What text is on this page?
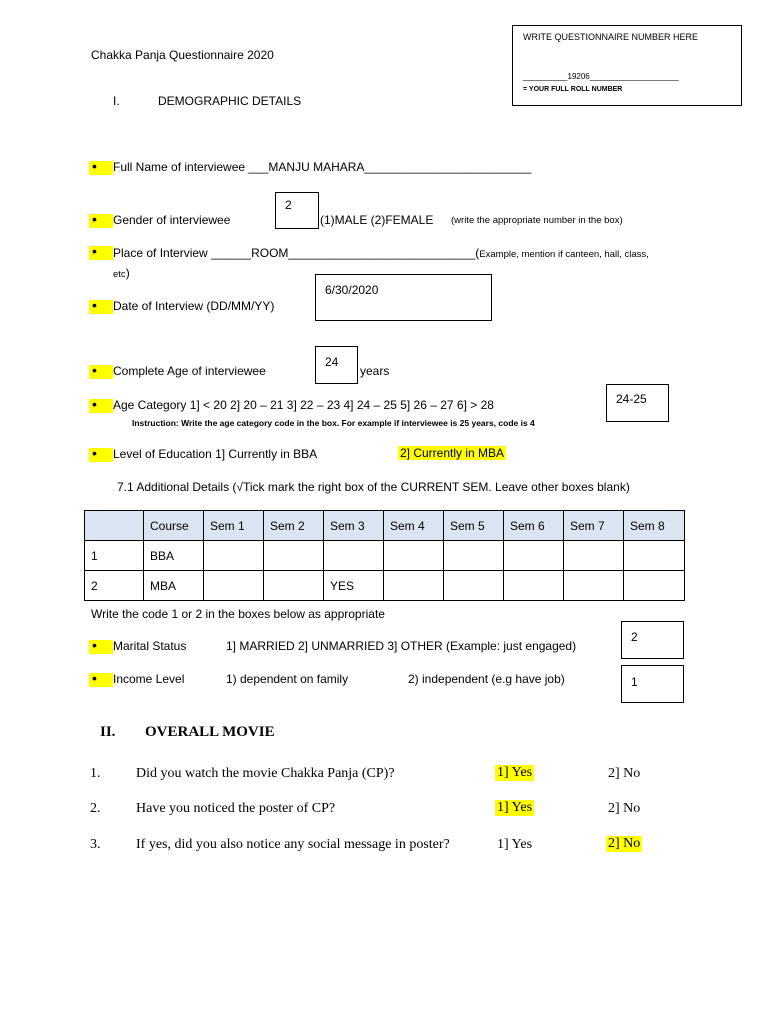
Chakka Panja Questionnaire 2020
WRITE QUESTIONNAIRE NUMBER HERE
__________19206____________________
= YOUR FULL ROLL NUMBER
I.	DEMOGRAPHIC DETAILS
•
Full Name of interviewee ___MANJU MAHARA_________________________
2
•
Gender of interviewee	(1)MALE (2)FEMALE (write the appropriate number in the box)
•
Place of Interview ______ROOM____________________________(Example, mention if canteen, hall, class,
etc)
6/30/2020
•
Date of Interview (DD/MM/YY)
24
•
Complete Age of interviewee	years
24-25
•
Age Category 1] < 20 2] 20 – 21 3] 22 – 23 4] 24 – 25 5] 26 – 27 6] > 28
Instruction: Write the age category code in the box. For example if interviewee is 25 years, code is 4
•
Level of Education 1] Currently in BBA	2] Currently in MBA
7.1 Additional Details (√Tick mark the right box of the CURRENT SEM. Leave other boxes blank)
	Course	Sem 1	Sem 2	Sem 3	Sem 4	Sem 5	Sem 6	Sem 7	Sem 8
1	BBA								
2	MBA			YES					
Write the code 1 or 2 in the boxes below as appropriate
2
•
Marital Status	1] MARRIED 2] UNMARRIED 3] OTHER (Example: just engaged)
1
•
Income Level	1) dependent on family	2) independent (e.g have job)
II. OVERALL MOVIE
1.	Did you watch the movie Chakka Panja (CP)?	1] Yes	2] No
2.	Have you noticed the poster of CP?	1] Yes	2] No
3.	If yes, did you also notice any social message in poster?	1] Yes	2] No
